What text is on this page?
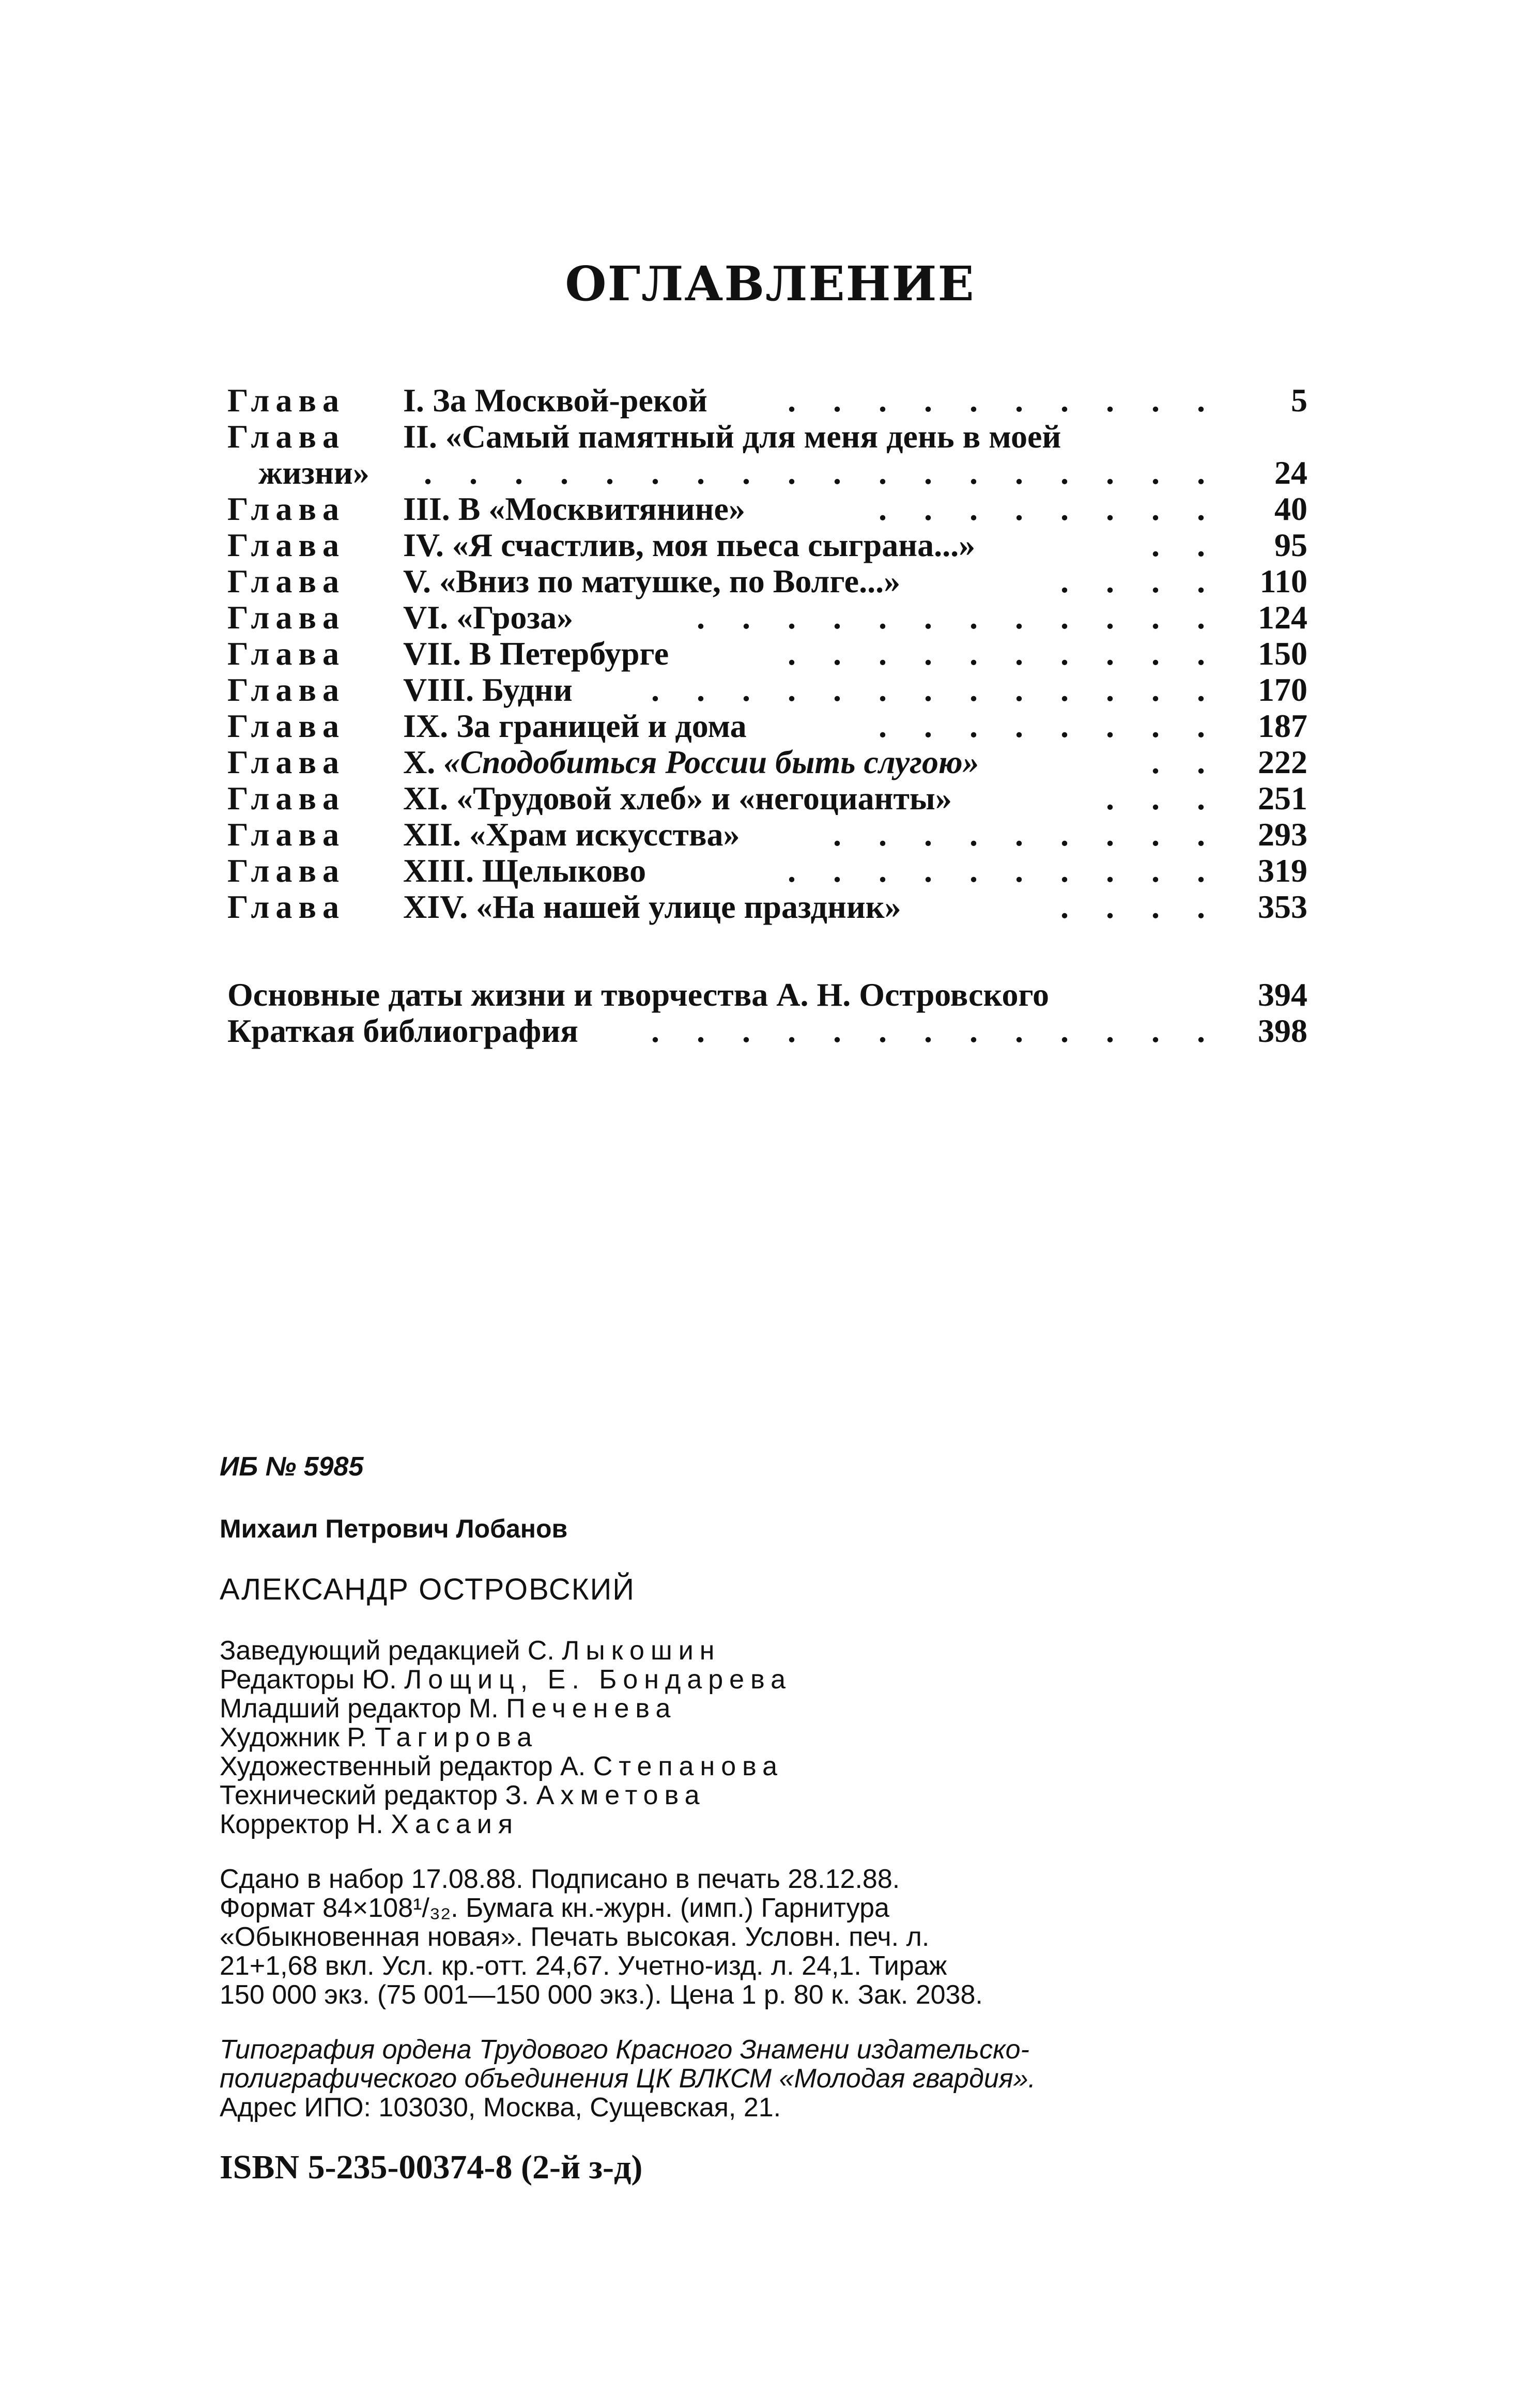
ОГЛАВЛЕНИЕ
Глава I. За Москвой-рекой . . . . . . . . . . 5
Глава II. «Самый памятный для меня день в моей
жизни» . . . . . . . . . . . . . . . . . . 24
Глава III. В «Москвитянине»	. . . . . . . . 40
Глава IV. «Я счастлив, моя пьеса сыграна...»	. . 95
Глава V. «Вниз по матушке, по Волге...»	. . . . 110
Глава VI. «Гроза»	. . . . . . . . . . . . 124
Глава VII. В Петербурге	. . . . . . . . . . 150
Глава VIII. Будни . . . . . . . . . . . . . 170
Глава IX. За границей и дома	. . . . . . . . 187
Глава X. «Сподобиться России быть слугою»	. . 222
Глава XI. «Трудовой хлеб» и «негоцианты»	. . . 251
Глава XII. «Храм искусства»	. . . . . . . . . 293
Глава XIII. Щелыково	. . . . . . . . . . 319
Глава XIV. «На нашей улице праздник»	. . . . 353
Основные даты жизни и творчества А. Н. Островского	394
Краткая библиография . . . . . . . . . . . . . 398
ИБ № 5985
Михаил Петрович Лобанов
АЛЕКСАНДР ОСТРОВСКИЙ
Заведующий редакцией С. Лыкошин
Редакторы Ю. Лощиц, Е. Бондарева
Младший редактор М. Печенева
Художник Р. Тагирова
Художественный редактор А. Степанова
Технический редактор З. Ахметова
Корректор Н. Хасаия
Сдано в набор 17.08.88. Подписано в печать 28.12.88.
Формат 84×108¹/₃₂. Бумага кн.-журн. (имп.) Гарнитура
«Обыкновенная новая». Печать высокая. Условн. печ. л.
21+1,68 вкл. Усл. кр.-отт. 24,67. Учетно-изд. л. 24,1. Тираж
150 000 экз. (75 001—150 000 экз.). Цена 1 р. 80 к. Зак. 2038.
Типография ордена Трудового Красного Знамени издательско-
полиграфического объединения ЦК ВЛКСМ «Молодая гвардия».
Адрес ИПО: 103030, Москва, Сущевская, 21.
ISBN 5-235-00374-8 (2-й з-д)
